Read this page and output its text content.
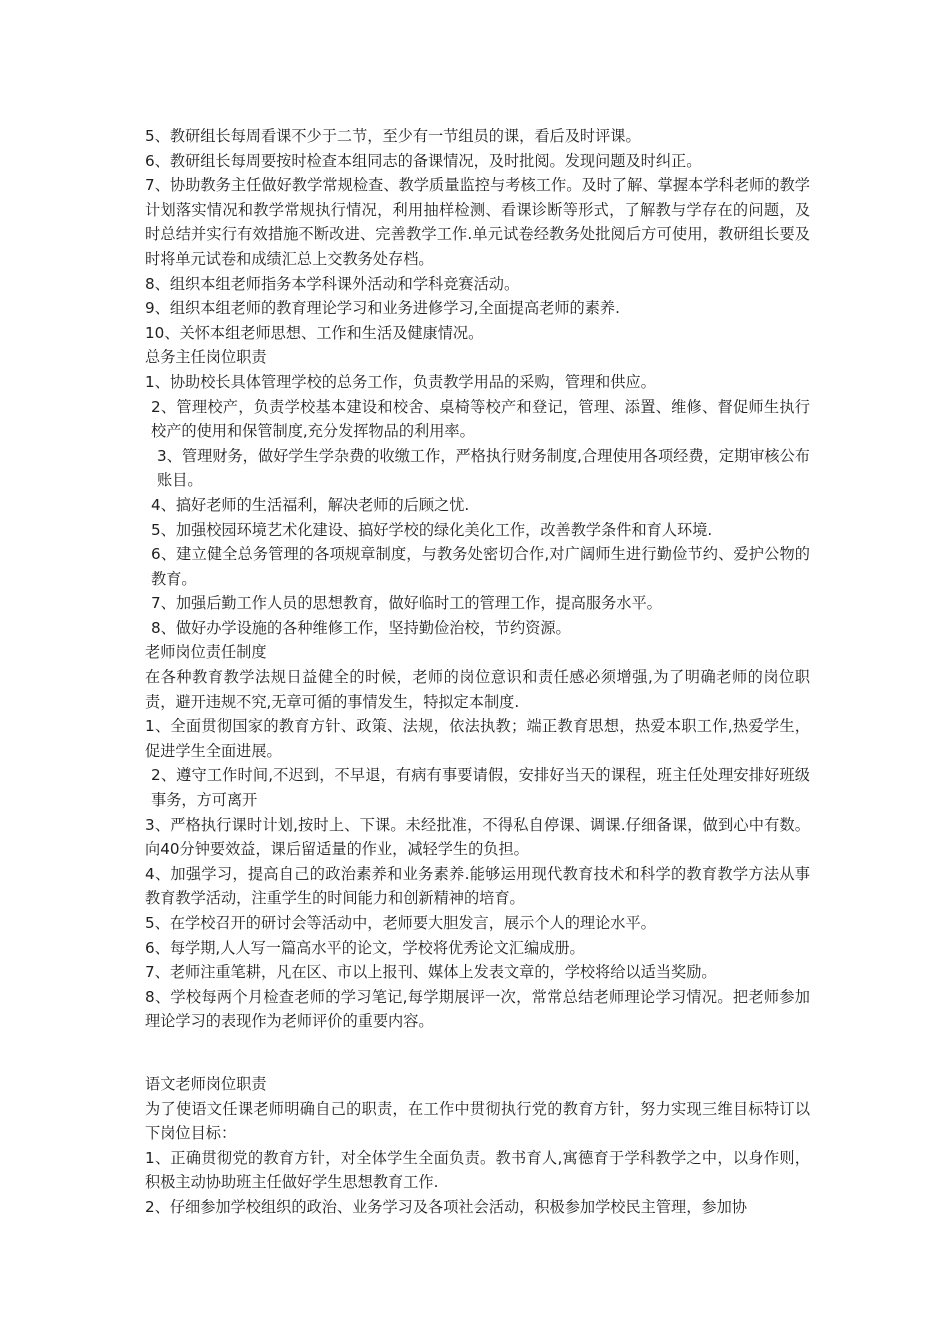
5、教研组长每周看课不少于二节，至少有一节组员的课，看后及时评课。

6、教研组长每周要按时检查本组同志的备课情况，及时批阅。发现问题及时纠正。

7、协助教务主任做好教学常规检查、教学质量监控与考核工作。及时了解、掌握本学科老师的教学计划落实情况和教学常规执行情况，利用抽样检测、看课诊断等形式，了解教与学存在的问题，及时总结并实行有效措施不断改进、完善教学工作.单元试卷经教务处批阅后方可使用，教研组长要及时将单元试卷和成绩汇总上交教务处存档。

8、组织本组老师指务本学科课外活动和学科竞赛活动。

9、组织本组老师的教育理论学习和业务进修学习,全面提高老师的素养.

10、关怀本组老师思想、工作和生活及健康情况。

总务主任岗位职责

1、协助校长具体管理学校的总务工作，负责教学用品的采购，管理和供应。

2、管理校产，负责学校基本建设和校舍、桌椅等校产和登记，管理、添置、维修、督促师生执行校产的使用和保管制度,充分发挥物品的利用率。

3、管理财务，做好学生学杂费的收缴工作，严格执行财务制度,合理使用各项经费，定期审核公布账目。

4、搞好老师的生活福利，解决老师的后顾之忧.

5、加强校园环境艺术化建设、搞好学校的绿化美化工作，改善教学条件和育人环境.

6、建立健全总务管理的各项规章制度，与教务处密切合作,对广阔师生进行勤俭节约、爱护公物的教育。

7、加强后勤工作人员的思想教育，做好临时工的管理工作，提高服务水平。

8、做好办学设施的各种维修工作，坚持勤俭治校，节约资源。

老师岗位责任制度

在各种教育教学法规日益健全的时候，老师的岗位意识和责任感必须增强,为了明确老师的岗位职责，避开违规不究,无章可循的事情发生，特拟定本制度.

1、全面贯彻国家的教育方针、政策、法规，依法执教；端正教育思想，热爱本职工作,热爱学生，促进学生全面进展。

2、遵守工作时间,不迟到，不早退，有病有事要请假，安排好当天的课程，班主任处理安排好班级事务，方可离开

3、严格执行课时计划,按时上、下课。未经批准，不得私自停课、调课.仔细备课，做到心中有数。向40分钟要效益，课后留适量的作业，减轻学生的负担。

4、加强学习，提高自己的政治素养和业务素养.能够运用现代教育技术和科学的教育教学方法从事教育教学活动，注重学生的时间能力和创新精神的培育。

5、在学校召开的研讨会等活动中，老师要大胆发言，展示个人的理论水平。

6、每学期,人人写一篇高水平的论文，学校将优秀论文汇编成册。

7、老师注重笔耕，凡在区、市以上报刊、媒体上发表文章的，学校将给以适当奖励。

8、学校每两个月检查老师的学习笔记,每学期展评一次，常常总结老师理论学习情况。把老师参加理论学习的表现作为老师评价的重要内容。

语文老师岗位职责

为了使语文任课老师明确自己的职责，在工作中贯彻执行党的教育方针，努力实现三维目标特订以下岗位目标：

1、正确贯彻党的教育方针，对全体学生全面负责。教书育人,寓德育于学科教学之中，以身作则，积极主动协助班主任做好学生思想教育工作.

2、仔细参加学校组织的政治、业务学习及各项社会活动，积极参加学校民主管理，参加协
